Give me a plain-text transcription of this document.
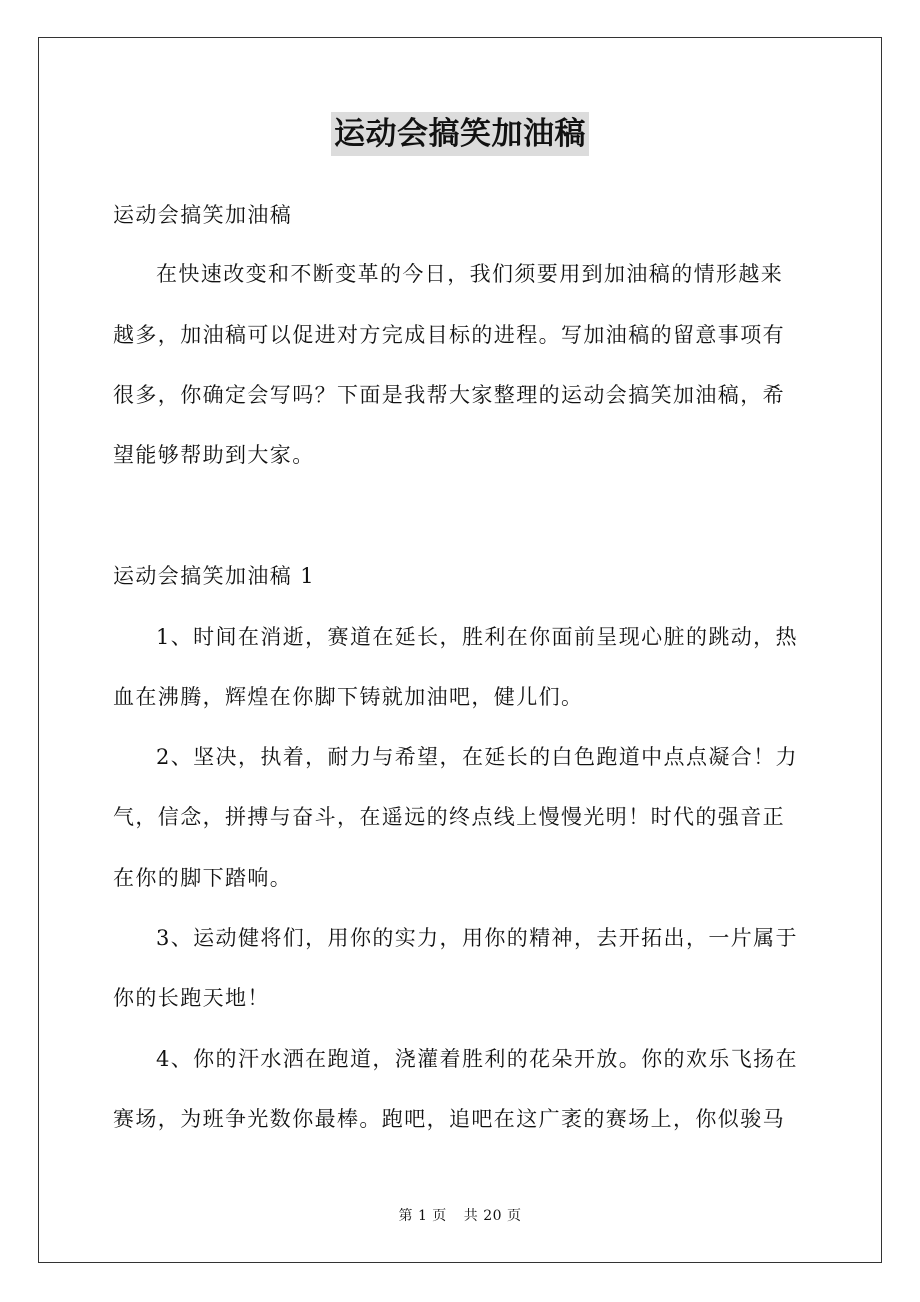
运动会搞笑加油稿
运动会搞笑加油稿
在快速改变和不断变革的今日，我们须要用到加油稿的情形越来
越多，加油稿可以促进对方完成目标的进程。写加油稿的留意事项有
很多，你确定会写吗？下面是我帮大家整理的运动会搞笑加油稿，希
望能够帮助到大家。
运动会搞笑加油稿 1
1、时间在消逝，赛道在延长，胜利在你面前呈现心脏的跳动，热
血在沸腾，辉煌在你脚下铸就加油吧，健儿们。
2、坚决，执着，耐力与希望，在延长的白色跑道中点点凝合！力
气，信念，拼搏与奋斗，在遥远的终点线上慢慢光明！时代的强音正
在你的脚下踏响。
3、运动健将们，用你的实力，用你的精神，去开拓出，一片属于
你的长跑天地！
4、你的汗水洒在跑道，浇灌着胜利的花朵开放。你的欢乐飞扬在
赛场，为班争光数你最棒。跑吧，追吧在这广袤的赛场上，你似骏马
第 1 页 共 20 页
